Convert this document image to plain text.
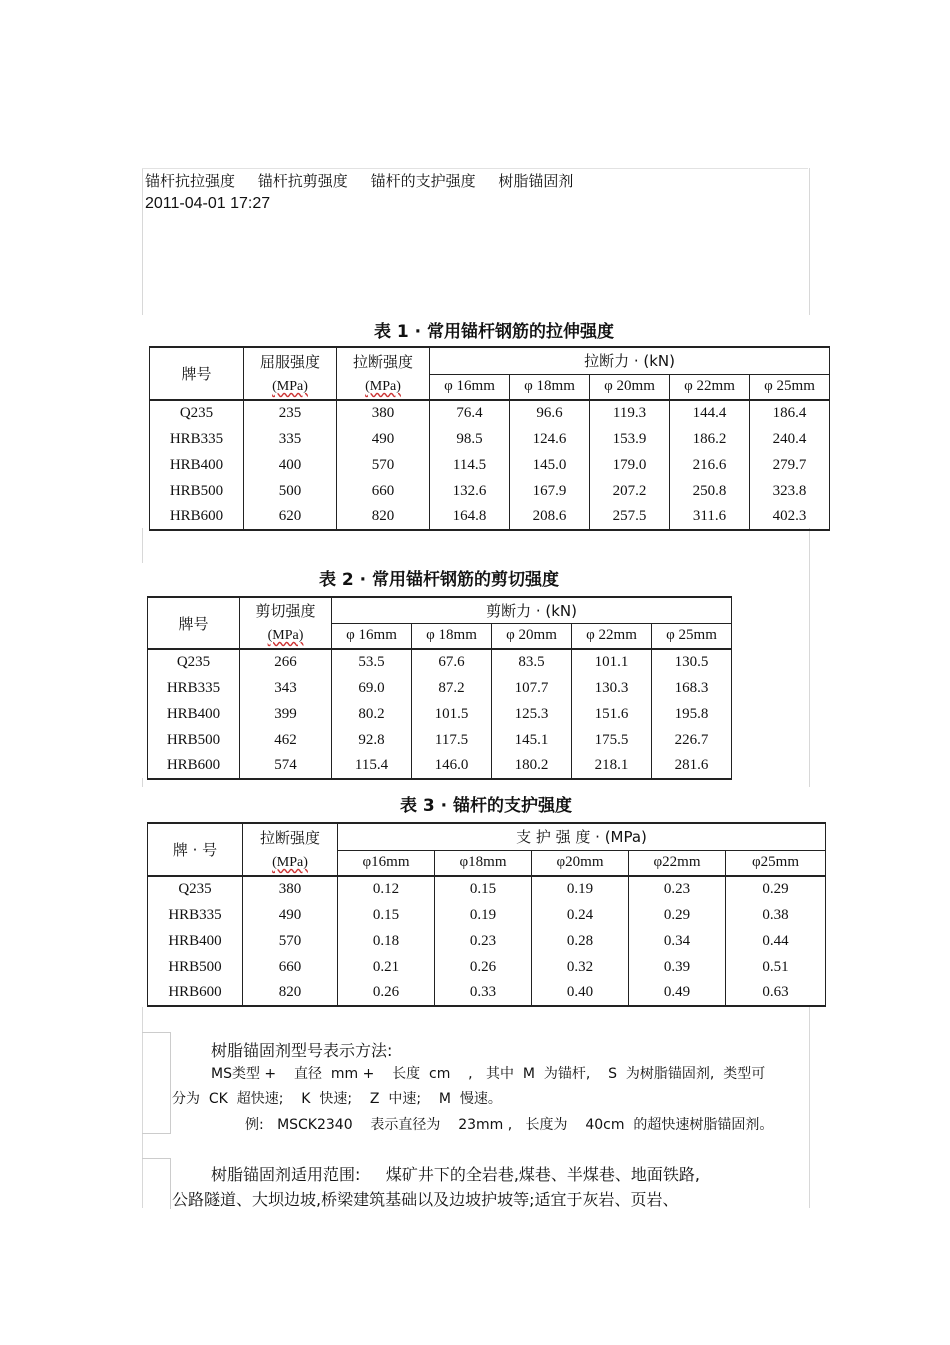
锚杆抗拉强度 锚杆抗剪强度 锚杆的支护强度 树脂锚固剂
2011-04-01 17:27
表 1 · 常用锚杆钢筋的拉伸强度
牌号	屈服强度	拉断强度	拉断力 · (kN)				
	(MPa)	(MPa)	φ 16mm	φ 18mm	φ 20mm	φ 22mm	φ 25mm
Q235	235	380	76.4	96.6	119.3	144.4	186.4
HRB335	335	490	98.5	124.6	153.9	186.2	240.4
HRB400	400	570	114.5	145.0	179.0	216.6	279.7
HRB500	500	660	132.6	167.9	207.2	250.8	323.8
HRB600	620	820	164.8	208.6	257.5	311.6	402.3
表 2 · 常用锚杆钢筋的剪切强度
牌号	剪切强度	剪断力 · (kN)				
	(MPa)	φ 16mm	φ 18mm	φ 20mm	φ 22mm	φ 25mm
Q235	266	53.5	67.6	83.5	101.1	130.5
HRB335	343	69.0	87.2	107.7	130.3	168.3
HRB400	399	80.2	101.5	125.3	151.6	195.8
HRB500	462	92.8	117.5	145.1	175.5	226.7
HRB600	574	115.4	146.0	180.2	218.1	281.6
表 3 · 锚杆的支护强度
牌 · 号	拉断强度	支 护 强 度 · (MPa)				
	(MPa)	φ16mm	φ18mm	φ20mm	φ22mm	φ25mm
Q235	380	0.12	0.15	0.19	0.23	0.29
HRB335	490	0.15	0.19	0.24	0.29	0.38
HRB400	570	0.18	0.23	0.28	0.34	0.44
HRB500	660	0.21	0.26	0.32	0.39	0.51
HRB600	820	0.26	0.33	0.40	0.49	0.63
树脂锚固剂型号表示方法:
MS类型 +    直径  mm +    长度  cm    ,   其中  M  为锚杆,    S  为树脂锚固剂,  类型可
分为  CK  超快速;    K  快速;    Z  中速;    M  慢速。
例:   MSCK2340    表示直径为    23mm ,   长度为    40cm  的超快速树脂锚固剂。
树脂锚固剂适用范围:     煤矿井下的全岩巷,煤巷、半煤巷、地面铁路,
公路隧道、大坝边坡,桥梁建筑基础以及边坡护坡等;适宜于灰岩、页岩、
